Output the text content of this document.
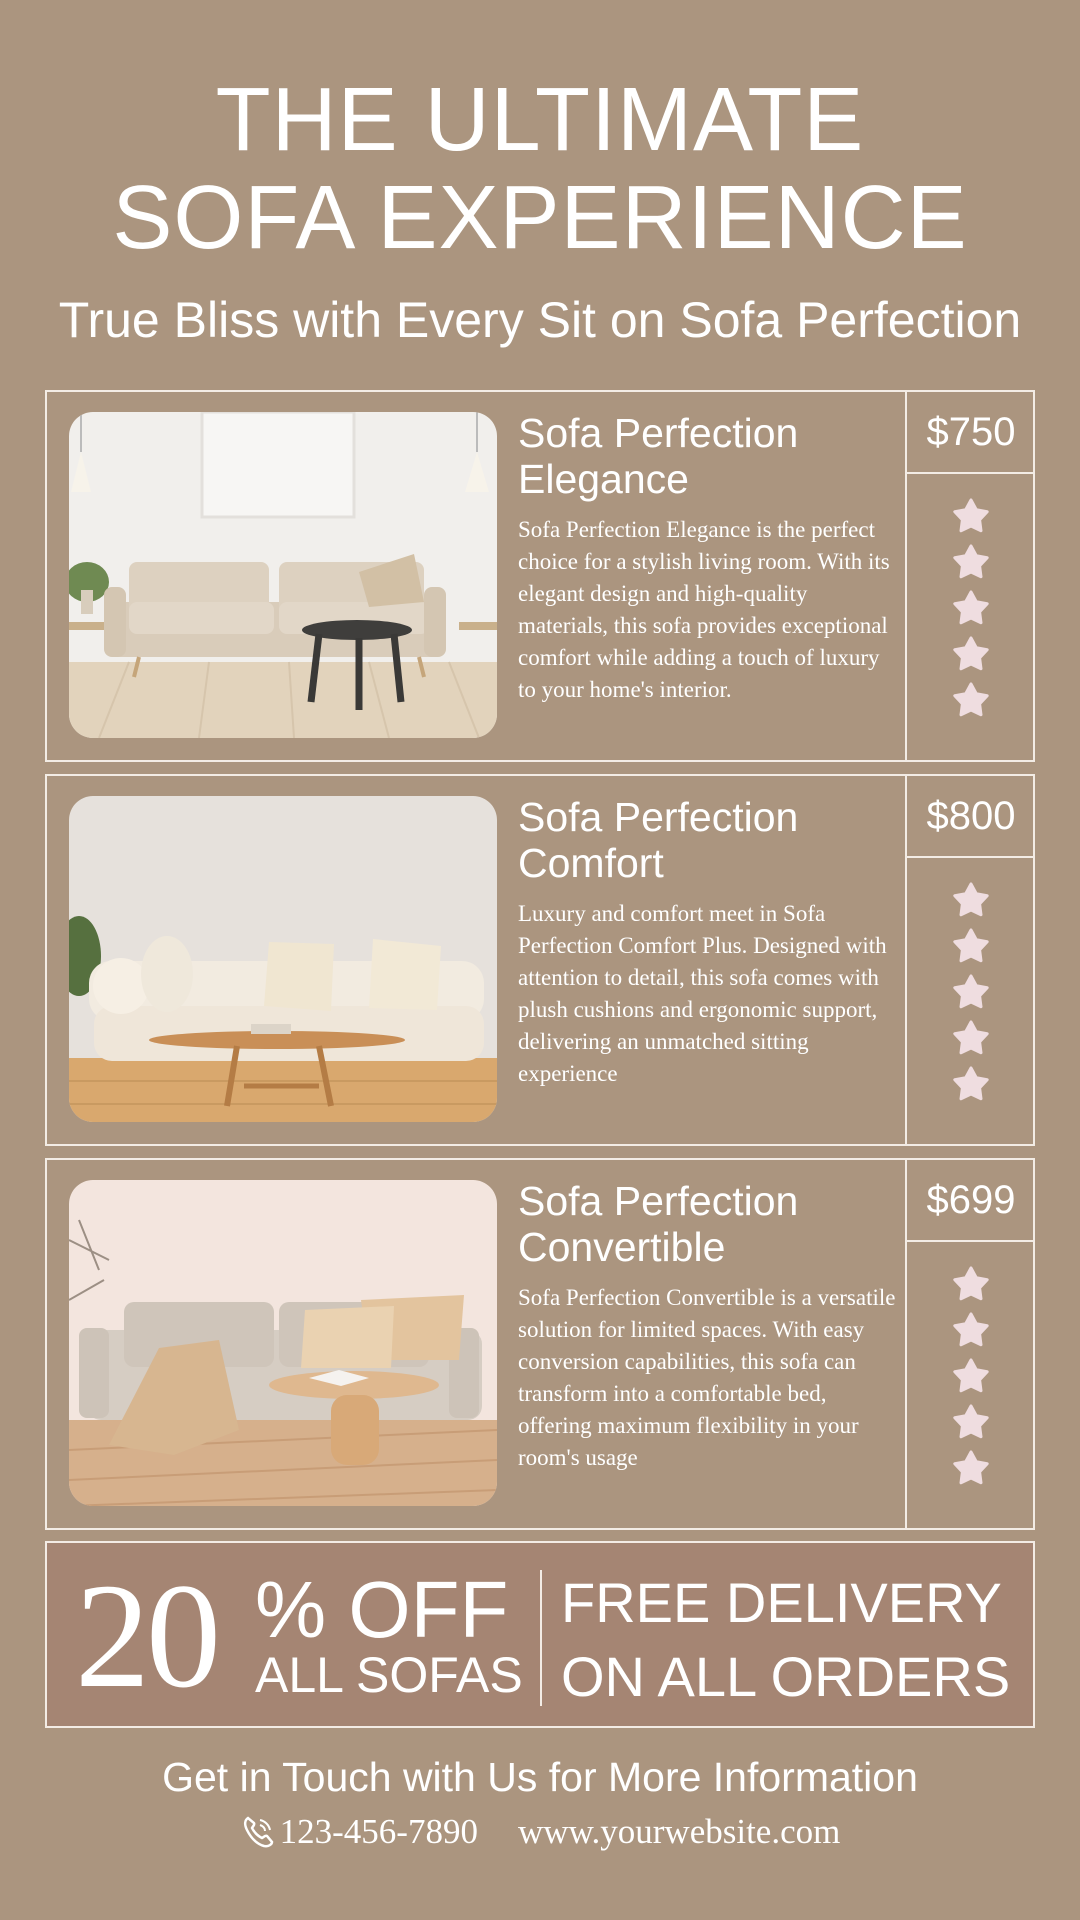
THE ULTIMATE
SOFA EXPERIENCE
True Bliss with Every Sit on Sofa Perfection
Sofa Perfection
Elegance
Sofa Perfection Elegance is the perfect choice for a stylish living room. With its elegant design and high-quality materials, this sofa provides exceptional comfort while adding a touch of luxury to your home's interior.
$750
Sofa Perfection
Comfort
Luxury and comfort meet in Sofa Perfection Comfort Plus. Designed with attention to detail, this sofa comes with plush cushions and ergonomic support, delivering an unmatched sitting experience
$800
Sofa Perfection
Convertible
Sofa Perfection Convertible is a versatile solution for limited spaces. With easy conversion capabilities, this sofa can transform into a comfortable bed, offering maximum flexibility in your room's usage
$699
20 % OFF
ALL SOFAS
FREE DELIVERY
ON ALL ORDERS
Get in Touch with Us for More Information
123-456-7890 www.yourwebsite.com
